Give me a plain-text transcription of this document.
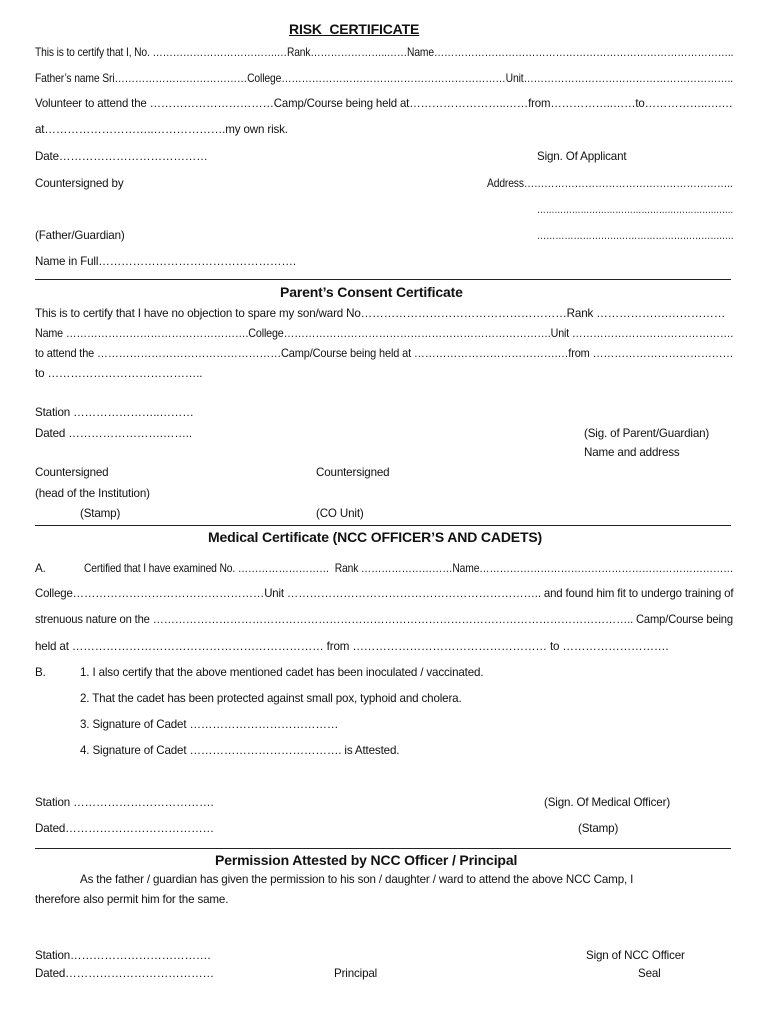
RISK  CERTIFICATE
This is to certify that I, No. ……………………………….…Rank…………………..……Name……………………………………………………………………………..
Father’s name Sri…………………………………College…………………………………………………………Unit……………………………………………………..
Volunteer to attend the ……………………………Camp/Course being held at……………………..……from……………..……to……………..….…
at………………………..……………….my own risk.
Date…………………………………	Sign. Of Applicant
Countersigned by	Address……………………………………………………..
…………………………………………………….…….
(Father/Guardian)	…………………………………………………….….
Name in Full…………………………………………….
Parent’s Consent Certificate
This is to certify that I have no objection to spare my son/ward No………………………………………………Rank ……………….……………
Name …………………………………………….College………………………………………………………………….Unit ……………………………………….
to attend the ……………………………………………Camp/Course being held at ………………………………….…from …………………………………
to …………………………………..
Station …………………..………
Dated …………………….……..	(Sig. of Parent/Guardian)
Name and address
Countersigned	Countersigned
(head of the Institution)
(Stamp)	(CO Unit)
Medical Certificate (NCC OFFICER’S AND CADETS)
A.	Certified that I have examined No. ………………………  Rank ………………………Name…………………………………………………………………
College……………………………………………Unit ………………………………………………………….. and found him fit to undergo training of
strenuous nature on the ………………………………………………………………………………………………………………….. Camp/Course being
held at ………………………………………………………… from …………………………………………… to ……………………….
B.	1. I also certify that the above mentioned cadet has been inoculated / vaccinated.
2. That the cadet has been protected against small pox, typhoid and cholera.
3. Signature of Cadet …………………………………
4. Signature of Cadet …………………………………. is Attested.
Station ……………………………….	(Sign. Of Medical Officer)
Dated…………………………………	(Stamp)
Permission Attested by NCC Officer / Principal
As the father / guardian has given the permission to his son / daughter / ward to attend the above NCC Camp, I
therefore also permit him for the same.
Station……………………………….	Sign of NCC Officer
Dated…………………………………	Principal	Seal
